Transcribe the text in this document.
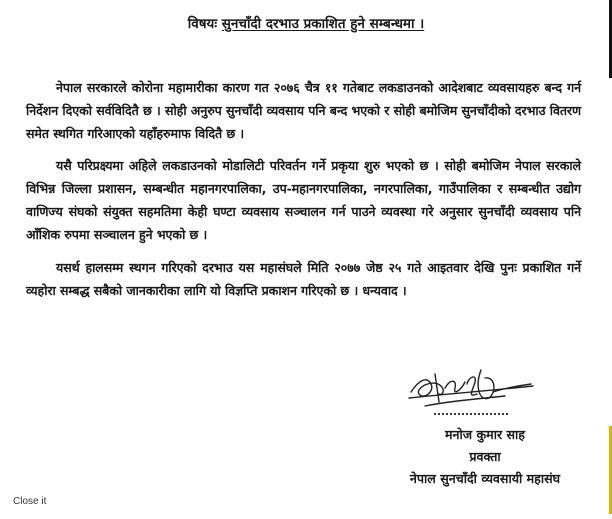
विषयः सुनचाँदी दरभाउ प्रकाशित हुने सम्बन्धमा ।

नेपाल सरकारले कोरोना महामारीका कारण गत २०७६ चैत्र ११ गतेबाट लकडाउनको आदेशबाट व्यवसायहरु बन्द गर्न निर्देशन दिएको सर्वविदितै छ । सोही अनुरुप सुनचाँदी व्यवसाय पनि बन्द भएको र सोही बमोजिम सुनचाँदीको दरभाउ वितरण समेत स्थगित गरिआएको यहाँहरुमाफ विदितै छ ।

यसै परिप्रक्ष्यमा अहिले लकडाउनको मोडालिटी परिवर्तन गर्ने प्रकृया शुरु भएको छ । सोही बमोजिम नेपाल सरकाले विभिन्न जिल्ला प्रशासन, सम्बन्धीत महानगरपालिका, उप-महानगरपालिका, नगरपालिका, गाउँपालिका र सम्बन्धीत उद्योग वाणिज्य संघको संयुक्त सहमतिमा केही घण्टा व्यवसाय सञ्चालन गर्न पाउने व्यवस्था गरे अनुसार सुनचाँदी व्यवसाय पनि आँशिक रुपमा सञ्चालन हुने भएको छ ।

यसर्थ हालसम्म स्थगन गरिएको दरभाउ यस महासंघले मिति २०७७ जेष्ठ २५ गते आइतवार देखि पुनः प्रकाशित गर्ने व्यहोरा सम्बद्ध सबैको जानकारीका लागि यो विज्ञप्ति प्रकाशन गरिएको छ । धन्यवाद ।

मनोज कुमार साह
प्रवक्ता
नेपाल सुनचाँदी व्यवसायी महासंघ
Close it
